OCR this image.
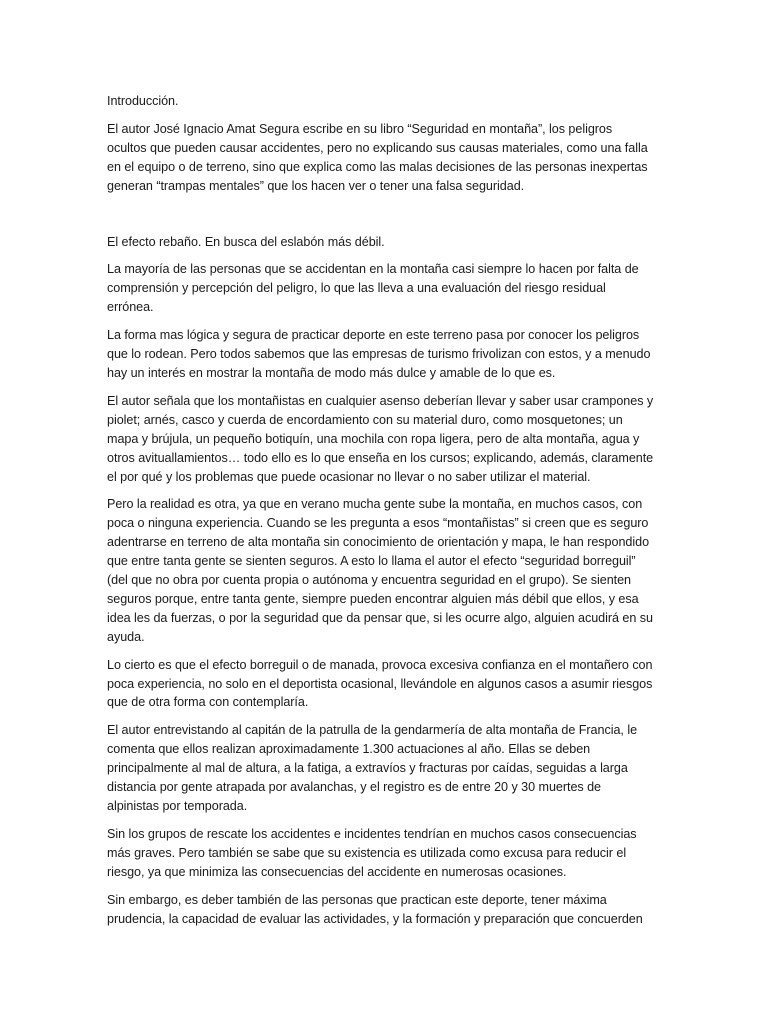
Introducción.

El autor José Ignacio Amat Segura escribe en su libro “Seguridad en montaña”, los peligros ocultos que pueden causar accidentes, pero no explicando sus causas materiales, como una falla en el equipo o de terreno, sino que explica como las malas decisiones de las personas inexpertas generan “trampas mentales” que los hacen ver o tener una falsa seguridad.

El efecto rebaño. En busca del eslabón más débil.

La mayoría de las personas que se accidentan en la montaña casi siempre lo hacen por falta de comprensión y percepción del peligro, lo que las lleva a una evaluación del riesgo residual errónea.

La forma mas lógica y segura de practicar deporte en este terreno pasa por conocer los peligros que lo rodean. Pero todos sabemos que las empresas de turismo frivolizan con estos, y a menudo hay un interés en mostrar la montaña de modo más dulce y amable de lo que es.

El autor señala que los montañistas en cualquier asenso deberían llevar y saber usar crampones y piolet; arnés, casco y cuerda de encordamiento con su material duro, como mosquetones; un mapa y brújula, un pequeño botiquín, una mochila con ropa ligera, pero de alta montaña, agua y otros avituallamientos… todo ello es lo que enseña en los cursos; explicando, además, claramente el por qué y los problemas que puede ocasionar no llevar o no saber utilizar el material.

Pero la realidad es otra, ya que en verano mucha gente sube la montaña, en muchos casos, con poca o ninguna experiencia. Cuando se les pregunta a esos “montañistas” si creen que es seguro adentrarse en terreno de alta montaña sin conocimiento de orientación y mapa, le han respondido que entre tanta gente se sienten seguros. A esto lo llama el autor el efecto “seguridad borreguil” (del que no obra por cuenta propia o autónoma y encuentra seguridad en el grupo). Se sienten seguros porque, entre tanta gente, siempre pueden encontrar alguien más débil que ellos, y esa idea les da fuerzas, o por la seguridad que da pensar que, si les ocurre algo, alguien acudirá en su ayuda.

Lo cierto es que el efecto borreguil o de manada, provoca excesiva confianza en el montañero con poca experiencia, no solo en el deportista ocasional, llevándole en algunos casos a asumir riesgos que de otra forma con contemplaría.

El autor entrevistando al capitán de la patrulla de la gendarmería de alta montaña de Francia, le comenta que ellos realizan aproximadamente 1.300 actuaciones al año. Ellas se deben principalmente al mal de altura, a la fatiga, a extravíos y fracturas por caídas, seguidas a larga distancia por gente atrapada por avalanchas, y el registro es de entre 20 y 30 muertes de alpinistas por temporada.

Sin los grupos de rescate los accidentes e incidentes tendrían en muchos casos consecuencias más graves. Pero también se sabe que su existencia es utilizada como excusa para reducir el riesgo, ya que minimiza las consecuencias del accidente en numerosas ocasiones.

Sin embargo, es deber también de las personas que practican este deporte, tener máxima prudencia, la capacidad de evaluar las actividades, y la formación y preparación que concuerden
